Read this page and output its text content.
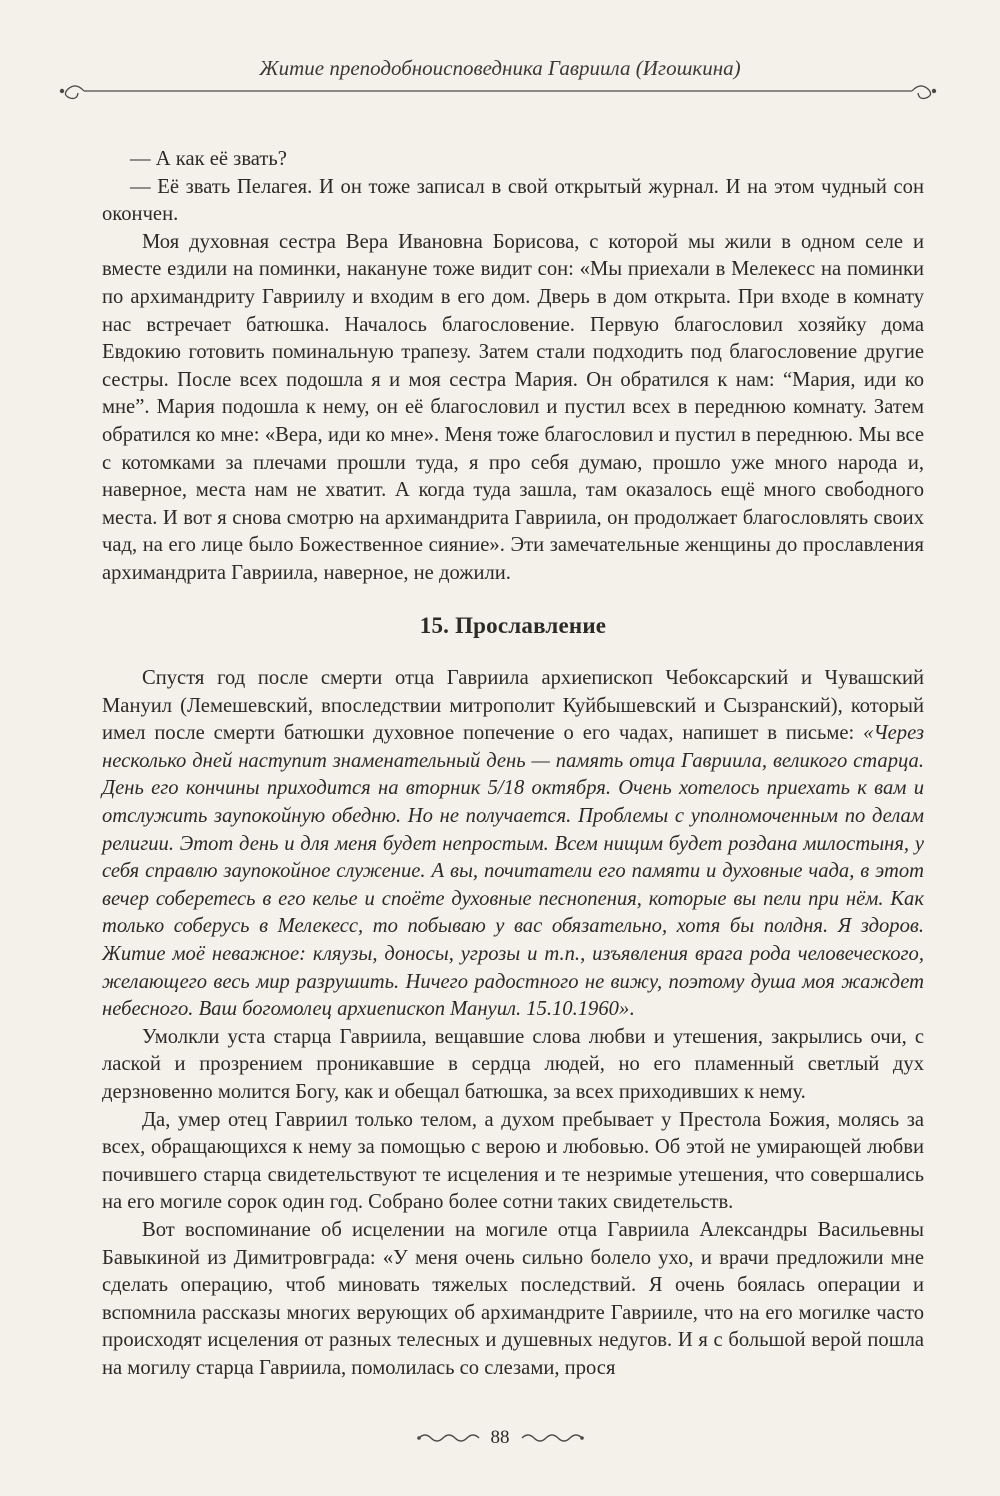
Житие преподобноисповедника Гавриила (Игошкина)

— А как её звать?

— Её звать Пелагея. И он тоже записал в свой открытый журнал. И на этом чудный сон окончен.

Моя духовная сестра Вера Ивановна Борисова, с которой мы жили в одном селе и вместе ездили на поминки, накануне тоже видит сон: «Мы приехали в Мелекесс на поминки по архимандриту Гавриилу и входим в его дом. Дверь в дом открыта. При входе в комнату нас встречает батюшка. Началось благословение. Первую благословил хозяйку дома Евдокию готовить поминальную трапезу. Затем стали подходить под благословение другие сестры. После всех подошла я и моя сестра Мария. Он обратился к нам: “Мария, иди ко мне”. Мария подошла к нему, он её благословил и пустил всех в переднюю комнату. Затем обратился ко мне: «Вера, иди ко мне». Меня тоже благословил и пустил в переднюю. Мы все с котомками за плечами прошли туда, я про себя думаю, прошло уже много народа и, наверное, места нам не хватит. А когда туда зашла, там оказалось ещё много свободного места. И вот я снова смотрю на архимандрита Гавриила, он продолжает благословлять своих чад, на его лице было Божественное сияние». Эти замечательные женщины до прославления архимандрита Гавриила, наверное, не дожили.

15. Прославление

Спустя год после смерти отца Гавриила архиепископ Чебоксарский и Чувашский Мануил (Лемешевский, впоследствии митрополит Куйбышевский и Сызранский), который имел после смерти батюшки духовное попечение о его чадах, напишет в письме: «Через несколько дней наступит знаменательный день — память отца Гавриила, великого старца. День его кончины приходится на вторник 5/18 октября. Очень хотелось приехать к вам и отслужить заупокойную обедню. Но не получается. Проблемы с уполномоченным по делам религии. Этот день и для меня будет непростым. Всем нищим будет роздана милостыня, у себя справлю заупокойное служение. А вы, почитатели его памяти и духовные чада, в этот вечер соберетесь в его келье и споёте духовные песнопения, которые вы пели при нём. Как только соберусь в Мелекесс, то побываю у вас обязательно, хотя бы полдня. Я здоров. Житие моё неважное: кляузы, доносы, угрозы и т.п., изъявления врага рода человеческого, желающего весь мир разрушить. Ничего радостного не вижу, поэтому душа моя жаждет небесного. Ваш богомолец архиепископ Мануил. 15.10.1960».

Умолкли уста старца Гавриила, вещавшие слова любви и утешения, закрылись очи, с лаской и прозрением проникавшие в сердца людей, но его пламенный светлый дух дерзновенно молится Богу, как и обещал батюшка, за всех приходивших к нему.

Да, умер отец Гавриил только телом, а духом пребывает у Престола Божия, молясь за всех, обращающихся к нему за помощью с верою и любовью. Об этой не умирающей любви почившего старца свидетельствуют те исцеления и те незримые утешения, что совершались на его могиле сорок один год. Собрано более сотни таких свидетельств.

Вот воспоминание об исцелении на могиле отца Гавриила Александры Васильевны Бавыкиной из Димитровграда: «У меня очень сильно болело ухо, и врачи предложили мне сделать операцию, чтоб миновать тяжелых последствий. Я очень боялась операции и вспомнила рассказы многих верующих об архимандрите Гаврииле, что на его могилке часто происходят исцеления от разных телесных и душевных недугов. И я с большой верой пошла на могилу старца Гавриила, помолилась со слезами, прося

88
